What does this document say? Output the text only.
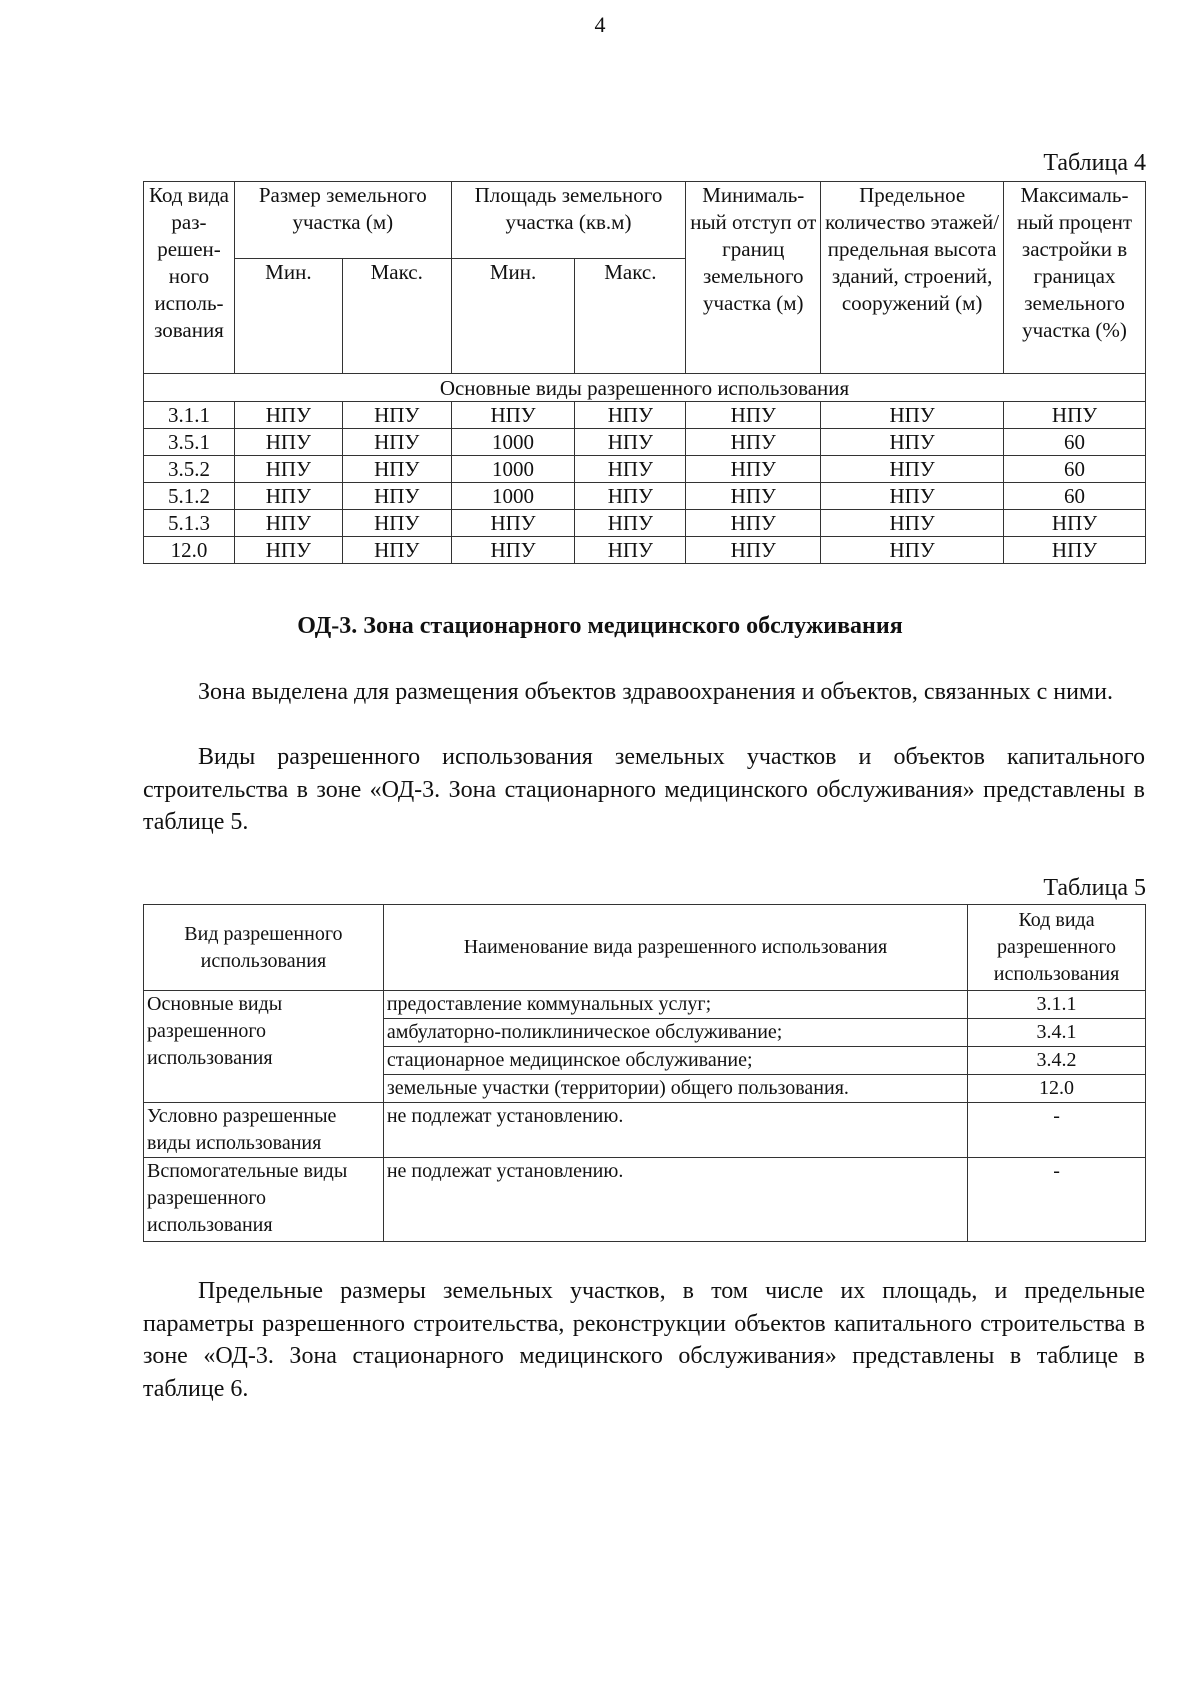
4
Таблица 4
Код вида раз-решен-ного исполь-зования	Размер земельного участка (м)		Площадь земельного участка (кв.м)		Минималь-ный отступ от границ земельного участка (м)	Предельное количество этажей/ предельная высота зданий, строений, сооружений (м)	Максималь-ный процент застройки в границах земельного участка (%)
	Мин.	Макс.	Мин.	Макс.			
Основные виды разрешенного использования							
3.1.1	НПУ	НПУ	НПУ	НПУ	НПУ	НПУ	НПУ
3.5.1	НПУ	НПУ	1000	НПУ	НПУ	НПУ	60
3.5.2	НПУ	НПУ	1000	НПУ	НПУ	НПУ	60
5.1.2	НПУ	НПУ	1000	НПУ	НПУ	НПУ	60
5.1.3	НПУ	НПУ	НПУ	НПУ	НПУ	НПУ	НПУ
12.0	НПУ	НПУ	НПУ	НПУ	НПУ	НПУ	НПУ
ОД-3. Зона стационарного медицинского обслуживания

Зона выделена для размещения объектов здравоохранения и объектов, связанных с ними.

Виды разрешенного использования земельных участков и объектов капитального строительства в зоне «ОД-3. Зона стационарного медицинского обслуживания» представлены в таблице 5.

Таблица 5
Вид разрешенного использования	Наименование вида разрешенного использования	Код вида разрешенного использования
Основные виды разрешенного использования	предоставление коммунальных услуг;	3.1.1
	амбулаторно-поликлиническое обслуживание;	3.4.1
	стационарное медицинское обслуживание;	3.4.2
	земельные участки (территории) общего пользования.	12.0
Условно разрешенные виды использования	не подлежат установлению.	-
Вспомогательные виды разрешенного использования	не подлежат установлению.	-

Предельные размеры земельных участков, в том числе их площадь, и предельные параметры разрешенного строительства, реконструкции объектов капитального строительства в зоне «ОД-3. Зона стационарного медицинского обслуживания» представлены в таблице в таблице 6.
